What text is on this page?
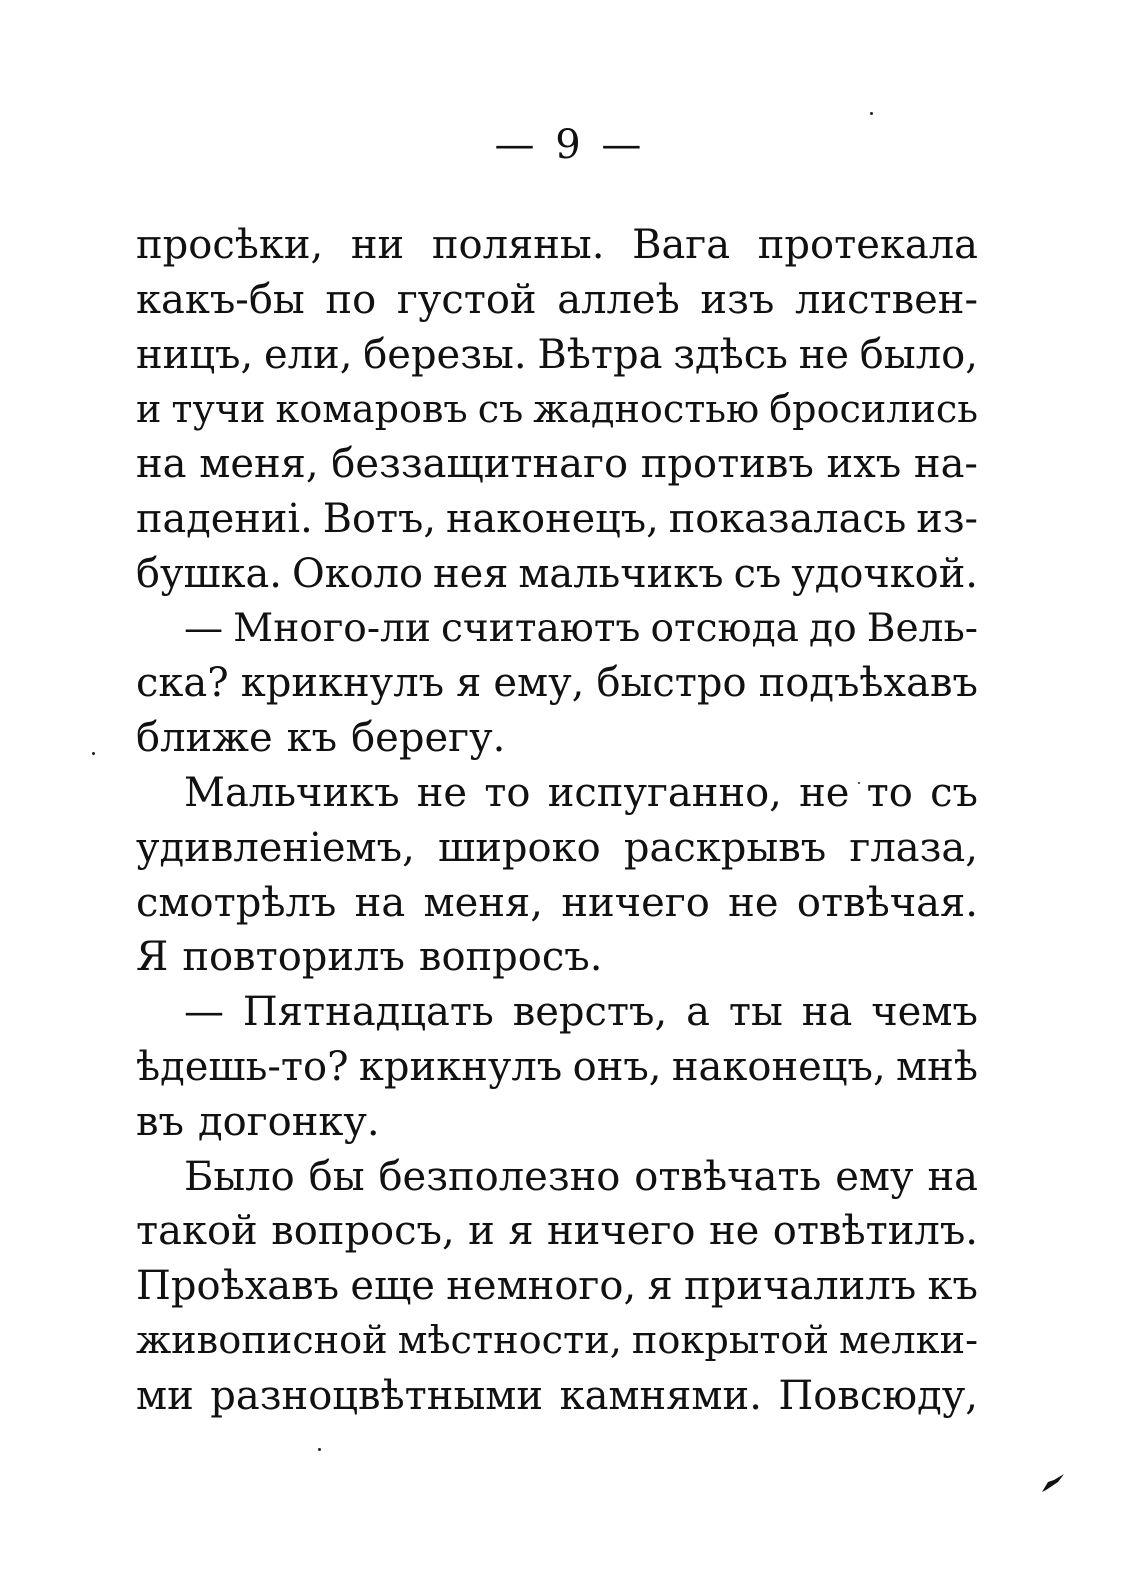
— 9 —
просѣки, ни поляны. Вага протекала
какъ-бы по густой аллеѣ изъ листвен-
ницъ, ели, березы. Вѣтра здѣсь не было,
и тучи комаровъ съ жадностью бросились
на меня, беззащитнаго противъ ихъ на-
падениі. Вотъ, наконецъ, показалась из-
бушка. Около нея мальчикъ съ удочкой.
— Много-ли считаютъ отсюда до Вель-
ска? крикнулъ я ему, быстро подъѣхавъ
ближе къ берегу.
Мальчикъ не то испуганно, не то съ
удивленіемъ, широко раскрывъ глаза,
смотрѣлъ на меня, ничего не отвѣчая.
Я повторилъ вопросъ.
— Пятнадцать верстъ, а ты на чемъ
ѣдешь-то? крикнулъ онъ, наконецъ, мнѣ
въ догонку.
Было бы безполезно отвѣчать ему на
такой вопросъ, и я ничего не отвѣтилъ.
Проѣхавъ еще немного, я причалилъ къ
живописной мѣстности, покрытой мелки-
ми разноцвѣтными камнями. Повсюду,
